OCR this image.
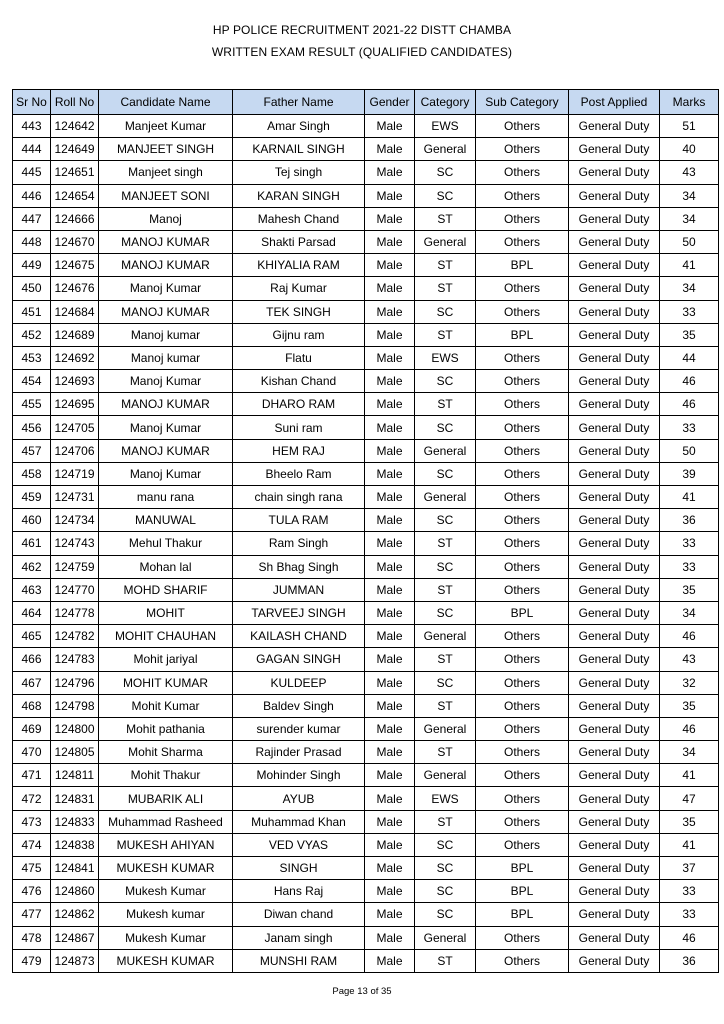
HP POLICE RECRUITMENT 2021-22 DISTT CHAMBA
WRITTEN EXAM RESULT (QUALIFIED CANDIDATES)
Sr No	Roll No	Candidate Name	Father Name	Gender	Category	Sub Category	Post Applied	Marks
443	124642	Manjeet Kumar	Amar Singh	Male	EWS	Others	General Duty	51
444	124649	MANJEET SINGH	KARNAIL SINGH	Male	General	Others	General Duty	40
445	124651	Manjeet singh	Tej singh	Male	SC	Others	General Duty	43
446	124654	MANJEET SONI	KARAN SINGH	Male	SC	Others	General Duty	34
447	124666	Manoj	Mahesh Chand	Male	ST	Others	General Duty	34
448	124670	MANOJ KUMAR	Shakti Parsad	Male	General	Others	General Duty	50
449	124675	MANOJ KUMAR	KHIYALIA RAM	Male	ST	BPL	General Duty	41
450	124676	Manoj Kumar	Raj Kumar	Male	ST	Others	General Duty	34
451	124684	MANOJ KUMAR	TEK SINGH	Male	SC	Others	General Duty	33
452	124689	Manoj kumar	Gijnu ram	Male	ST	BPL	General Duty	35
453	124692	Manoj kumar	Flatu	Male	EWS	Others	General Duty	44
454	124693	Manoj Kumar	Kishan Chand	Male	SC	Others	General Duty	46
455	124695	MANOJ KUMAR	DHARO RAM	Male	ST	Others	General Duty	46
456	124705	Manoj Kumar	Suni ram	Male	SC	Others	General Duty	33
457	124706	MANOJ KUMAR	HEM RAJ	Male	General	Others	General Duty	50
458	124719	Manoj Kumar	Bheelo Ram	Male	SC	Others	General Duty	39
459	124731	manu rana	chain singh rana	Male	General	Others	General Duty	41
460	124734	MANUWAL	TULA RAM	Male	SC	Others	General Duty	36
461	124743	Mehul Thakur	Ram Singh	Male	ST	Others	General Duty	33
462	124759	Mohan lal	Sh Bhag Singh	Male	SC	Others	General Duty	33
463	124770	MOHD SHARIF	JUMMAN	Male	ST	Others	General Duty	35
464	124778	MOHIT	TARVEEJ SINGH	Male	SC	BPL	General Duty	34
465	124782	MOHIT CHAUHAN	KAILASH CHAND	Male	General	Others	General Duty	46
466	124783	Mohit jariyal	GAGAN SINGH	Male	ST	Others	General Duty	43
467	124796	MOHIT KUMAR	KULDEEP	Male	SC	Others	General Duty	32
468	124798	Mohit Kumar	Baldev Singh	Male	ST	Others	General Duty	35
469	124800	Mohit pathania	surender kumar	Male	General	Others	General Duty	46
470	124805	Mohit Sharma	Rajinder Prasad	Male	ST	Others	General Duty	34
471	124811	Mohit Thakur	Mohinder Singh	Male	General	Others	General Duty	41
472	124831	MUBARIK ALI	AYUB	Male	EWS	Others	General Duty	47
473	124833	Muhammad Rasheed	Muhammad Khan	Male	ST	Others	General Duty	35
474	124838	MUKESH AHIYAN	VED VYAS	Male	SC	Others	General Duty	41
475	124841	MUKESH KUMAR	SINGH	Male	SC	BPL	General Duty	37
476	124860	Mukesh Kumar	Hans Raj	Male	SC	BPL	General Duty	33
477	124862	Mukesh kumar	Diwan chand	Male	SC	BPL	General Duty	33
478	124867	Mukesh Kumar	Janam singh	Male	General	Others	General Duty	46
479	124873	MUKESH KUMAR	MUNSHI RAM	Male	ST	Others	General Duty	36
Page 13 of 35
